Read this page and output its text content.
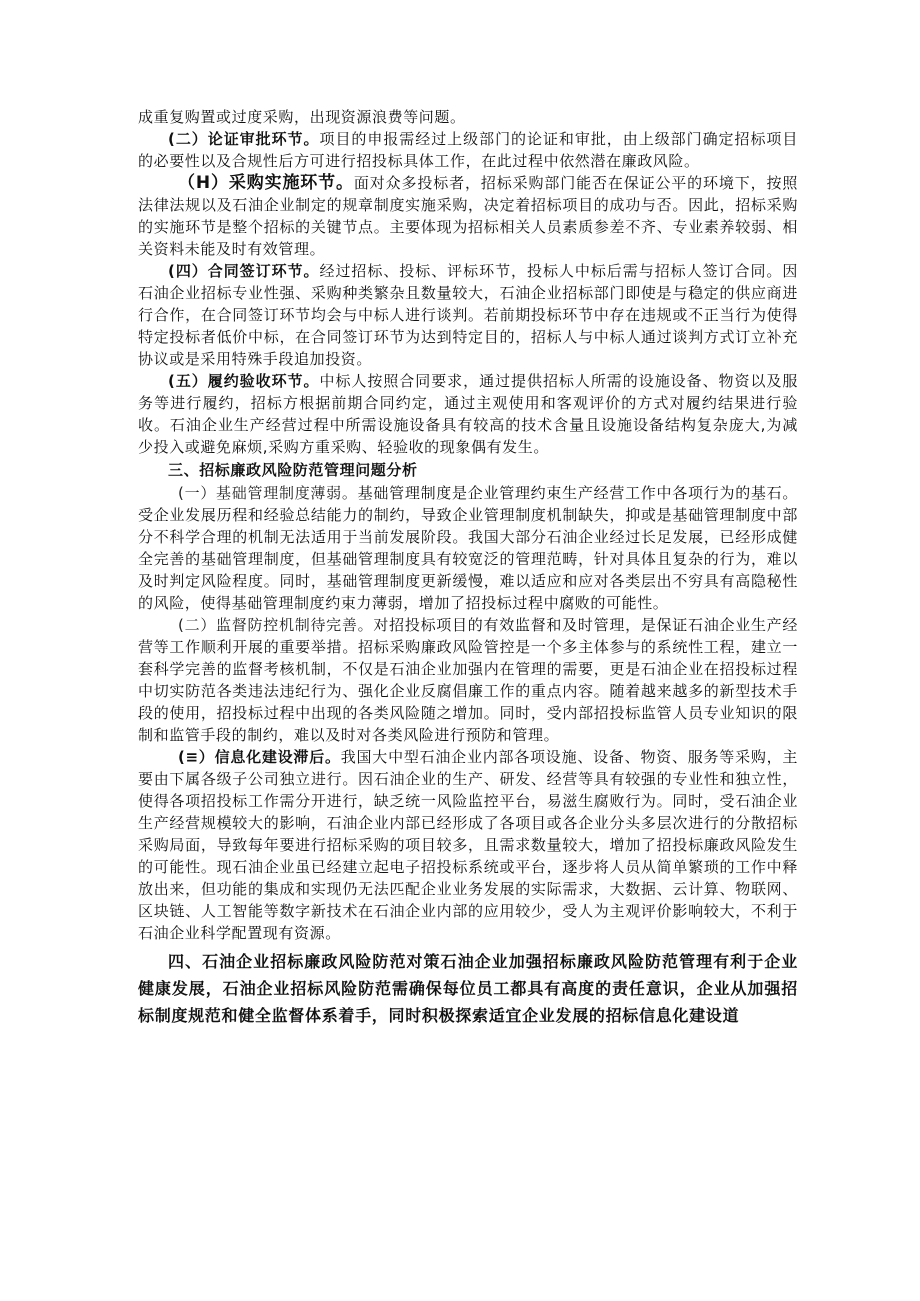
成重复购置或过度采购，出现资源浪费等问题。

(二）论证审批环节。项目的申报需经过上级部门的论证和审批，由上级部门确定招标项目的必要性以及合规性后方可进行招投标具体工作，在此过程中依然潜在廉政风险。

（H）采购实施环节。面对众多投标者，招标采购部门能否在保证公平的环境下，按照法律法规以及石油企业制定的规章制度实施采购，决定着招标项目的成功与否。因此，招标采购的实施环节是整个招标的关键节点。主要体现为招标相关人员素质参差不齐、专业素养较弱、相关资料未能及时有效管理。

(四）合同签订环节。经过招标、投标、评标环节，投标人中标后需与招标人签订合同。因石油企业招标专业性强、采购种类繁杂且数量较大，石油企业招标部门即使是与稳定的供应商进行合作，在合同签订环节均会与中标人进行谈判。若前期投标环节中存在违规或不正当行为使得特定投标者低价中标，在合同签订环节为达到特定目的，招标人与中标人通过谈判方式订立补充协议或是采用特殊手段追加投资。

(五）履约验收环节。中标人按照合同要求，通过提供招标人所需的设施设备、物资以及服务等进行履约，招标方根据前期合同约定，通过主观使用和客观评价的方式对履约结果进行验收。石油企业生产经营过程中所需设施设备具有较高的技术含量且设施设备结构复杂庞大,为减少投入或避免麻烦,采购方重采购、轻验收的现象偶有发生。

三、招标廉政风险防范管理问题分析

(一）基础管理制度薄弱。基础管理制度是企业管理约束生产经营工作中各项行为的基石。受企业发展历程和经验总结能力的制约，导致企业管理制度机制缺失，抑或是基础管理制度中部分不科学合理的机制无法适用于当前发展阶段。我国大部分石油企业经过长足发展，已经形成健全完善的基础管理制度，但基础管理制度具有较宽泛的管理范畴，针对具体且复杂的行为，难以及时判定风险程度。同时，基础管理制度更新缓慢，难以适应和应对各类层出不穷具有高隐秘性的风险，使得基础管理制度约束力薄弱，增加了招投标过程中腐败的可能性。

(二）监督防控机制待完善。对招投标项目的有效监督和及时管理，是保证石油企业生产经营等工作顺利开展的重要举措。招标采购廉政风险管控是一个多主体参与的系统性工程，建立一套科学完善的监督考核机制，不仅是石油企业加强内在管理的需要，更是石油企业在招投标过程中切实防范各类违法违纪行为、强化企业反腐倡廉工作的重点内容。随着越来越多的新型技术手段的使用，招投标过程中出现的各类风险随之增加。同时，受内部招投标监管人员专业知识的限制和监管手段的制约，难以及时对各类风险进行预防和管理。

(≡）信息化建设滞后。我国大中型石油企业内部各项设施、设备、物资、服务等采购，主要由下属各级子公司独立进行。因石油企业的生产、研发、经营等具有较强的专业性和独立性，使得各项招投标工作需分开进行，缺乏统一风险监控平台，易滋生腐败行为。同时，受石油企业生产经营规模较大的影响，石油企业内部已经形成了各项目或各企业分头多层次进行的分散招标采购局面，导致每年要进行招标采购的项目较多，且需求数量较大，增加了招投标廉政风险发生的可能性。现石油企业虽已经建立起电子招投标系统或平台，逐步将人员从简单繁琐的工作中释放出来，但功能的集成和实现仍无法匹配企业业务发展的实际需求，大数据、云计算、物联网、区块链、人工智能等数字新技术在石油企业内部的应用较少，受人为主观评价影响较大，不利于石油企业科学配置现有资源。

四、石油企业招标廉政风险防范对策石油企业加强招标廉政风险防范管理有利于企业健康发展，石油企业招标风险防范需确保每位员工都具有高度的责任意识，企业从加强招标制度规范和健全监督体系着手，同时积极探索适宜企业发展的招标信息化建设道
